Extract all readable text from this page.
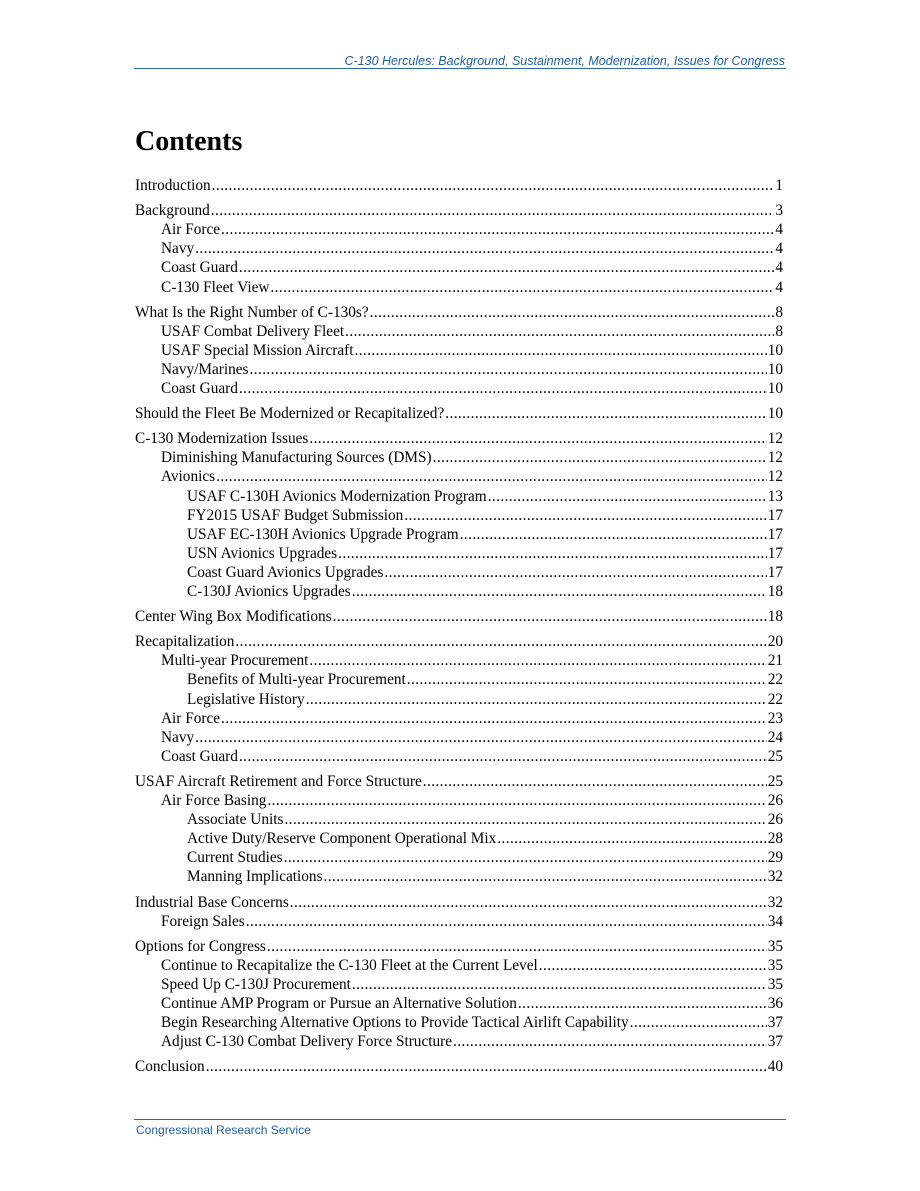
C-130 Hercules: Background, Sustainment, Modernization, Issues for Congress
Contents
Introduction .....	1
Background .....	3
Air Force .....	4
Navy .....	4
Coast Guard .....	4
C-130 Fleet View .....	4
What Is the Right Number of C-130s? .....	8
USAF Combat Delivery Fleet .....	8
USAF Special Mission Aircraft .....	10
Navy/Marines .....	10
Coast Guard .....	10
Should the Fleet Be Modernized or Recapitalized? .....	10
C-130 Modernization Issues .....	12
Diminishing Manufacturing Sources (DMS) .....	12
Avionics .....	12
USAF C-130H Avionics Modernization Program .....	13
FY2015 USAF Budget Submission .....	17
USAF EC-130H Avionics Upgrade Program .....	17
USN Avionics Upgrades .....	17
Coast Guard Avionics Upgrades .....	17
C-130J Avionics Upgrades .....	18
Center Wing Box Modifications .....	18
Recapitalization .....	20
Multi-year Procurement .....	21
Benefits of Multi-year Procurement .....	22
Legislative History .....	22
Air Force .....	23
Navy .....	24
Coast Guard .....	25
USAF Aircraft Retirement and Force Structure .....	25
Air Force Basing .....	26
Associate Units .....	26
Active Duty/Reserve Component Operational Mix .....	28
Current Studies .....	29
Manning Implications .....	32
Industrial Base Concerns .....	32
Foreign Sales .....	34
Options for Congress .....	35
Continue to Recapitalize the C-130 Fleet at the Current Level .....	35
Speed Up C-130J Procurement .....	35
Continue AMP Program or Pursue an Alternative Solution .....	36
Begin Researching Alternative Options to Provide Tactical Airlift Capability .....	37
Adjust C-130 Combat Delivery Force Structure .....	37
Conclusion .....	40
Congressional Research Service
